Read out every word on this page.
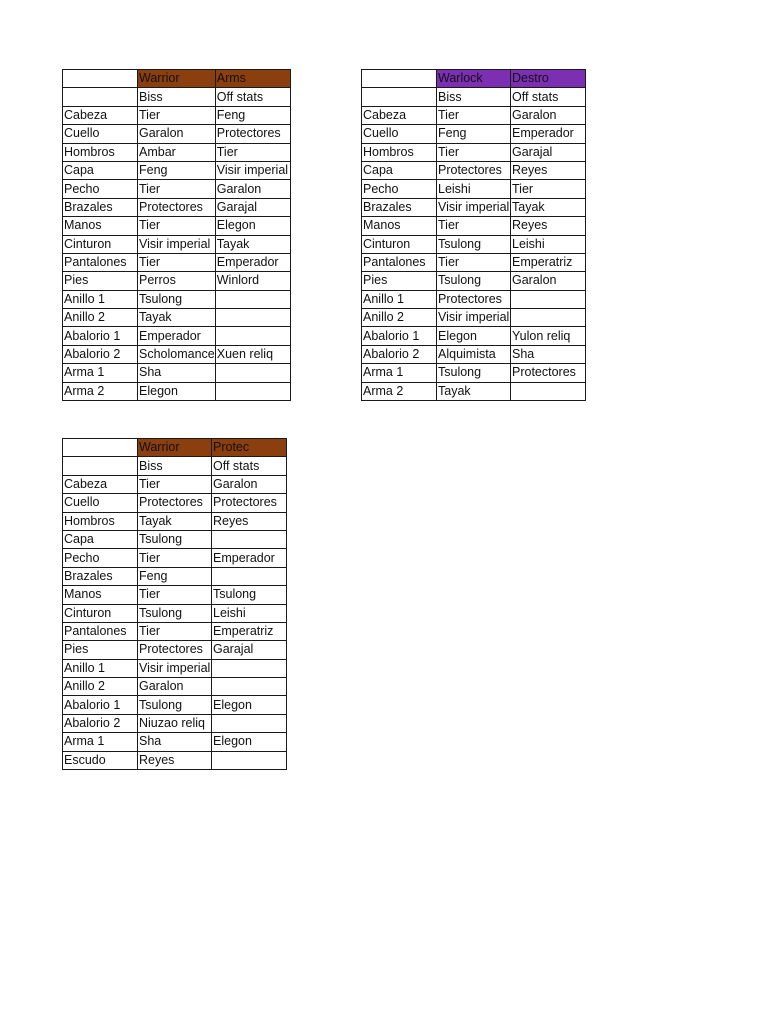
	Warrior	Arms
	Biss	Off stats
Cabeza	Tier	Feng
Cuello	Garalon	Protectores
Hombros	Ambar	Tier
Capa	Feng	Visir imperial
Pecho	Tier	Garalon
Brazales	Protectores	Garajal
Manos	Tier	Elegon
Cinturon	Visir imperial	Tayak
Pantalones	Tier	Emperador
Pies	Perros	Winlord
Anillo 1	Tsulong	
Anillo 2	Tayak	
Abalorio 1	Emperador	
Abalorio 2	Scholomance	Xuen reliq
Arma 1	Sha	
Arma 2	Elegon	
	Warlock	Destro
	Biss	Off stats
Cabeza	Tier	Garalon
Cuello	Feng	Emperador
Hombros	Tier	Garajal
Capa	Protectores	Reyes
Pecho	Leishi	Tier
Brazales	Visir imperial	Tayak
Manos	Tier	Reyes
Cinturon	Tsulong	Leishi
Pantalones	Tier	Emperatriz
Pies	Tsulong	Garalon
Anillo 1	Protectores	
Anillo 2	Visir imperial	
Abalorio 1	Elegon	Yulon reliq
Abalorio 2	Alquimista	Sha
Arma 1	Tsulong	Protectores
Arma 2	Tayak	
	Warrior	Protec
	Biss	Off stats
Cabeza	Tier	Garalon
Cuello	Protectores	Protectores
Hombros	Tayak	Reyes
Capa	Tsulong	
Pecho	Tier	Emperador
Brazales	Feng	
Manos	Tier	Tsulong
Cinturon	Tsulong	Leishi
Pantalones	Tier	Emperatriz
Pies	Protectores	Garajal
Anillo 1	Visir imperial	
Anillo 2	Garalon	
Abalorio 1	Tsulong	Elegon
Abalorio 2	Niuzao reliq	
Arma 1	Sha	Elegon
Escudo	Reyes	
